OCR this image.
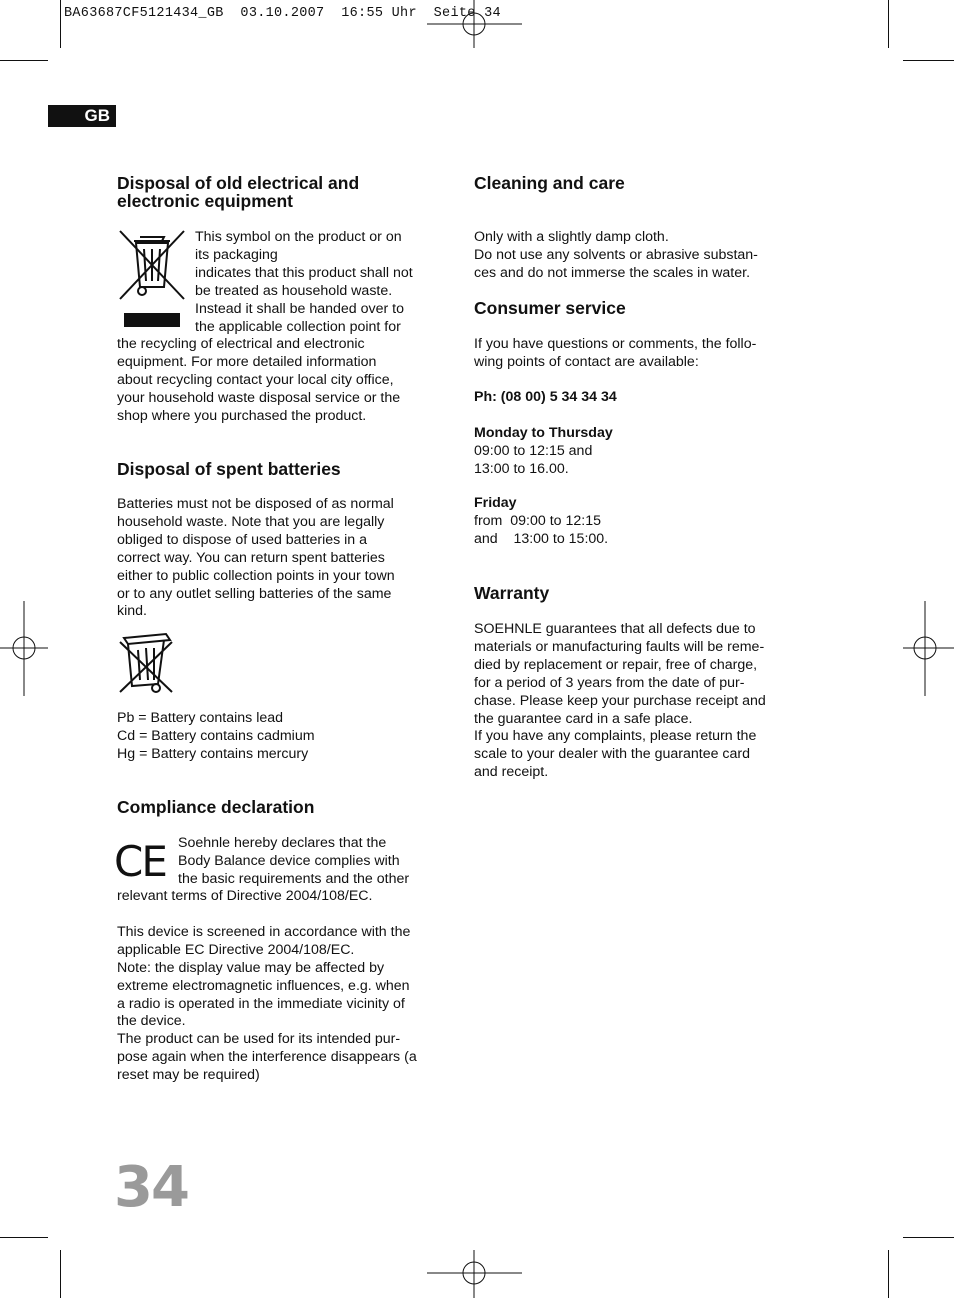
BA63687CF5121434_GB  03.10.2007  16:55 Uhr  Seite 34
GB
Disposal of old electrical and
electronic equipment

This symbol on the product or on
its packaging
indicates that this product shall not
be treated as household waste.
Instead it shall be handed over to
the applicable collection point for

the recycling of electrical and electronic
equipment. For more detailed information
about recycling contact your local city office,
your household waste disposal service or the
shop where you purchased the product.

Disposal of spent batteries

Batteries must not be disposed of as normal
household waste. Note that you are legally
obliged to dispose of used batteries in a
correct way. You can return spent batteries
either to public collection points in your town
or to any outlet selling batteries of the same
kind.

Pb = Battery contains lead
Cd = Battery contains cadmium
Hg = Battery contains mercury

Compliance declaration
CE Soehnle hereby declares that the
Body Balance device complies with
the basic requirements and the other

relevant terms of Directive 2004/108/EC.

This device is screened in accordance with the
applicable EC Directive 2004/108/EC.
Note: the display value may be affected by
extreme electromagnetic influences, e.g. when
a radio is operated in the immediate vicinity of
the device.
The product can be used for its intended pur-
pose again when the interference disappears (a
reset may be required)

Cleaning and care

Only with a slightly damp cloth.
Do not use any solvents or abrasive substan-
ces and do not immerse the scales in water.

Consumer service

If you have questions or comments, the follo-
wing points of contact are available:

Ph: (08 00) 5 34 34 34

Monday to Thursday

09:00 to 12:15 and
13:00 to 16.00.

Friday

from  09:00 to 12:15
and    13:00 to 15:00.

Warranty

SOEHNLE guarantees that all defects due to
materials or manufacturing faults will be reme-
died by replacement or repair, free of charge,
for a period of 3 years from the date of pur-
chase. Please keep your purchase receipt and
the guarantee card in a safe place.
If you have any complaints, please return the
scale to your dealer with the guarantee card
and receipt.

34
